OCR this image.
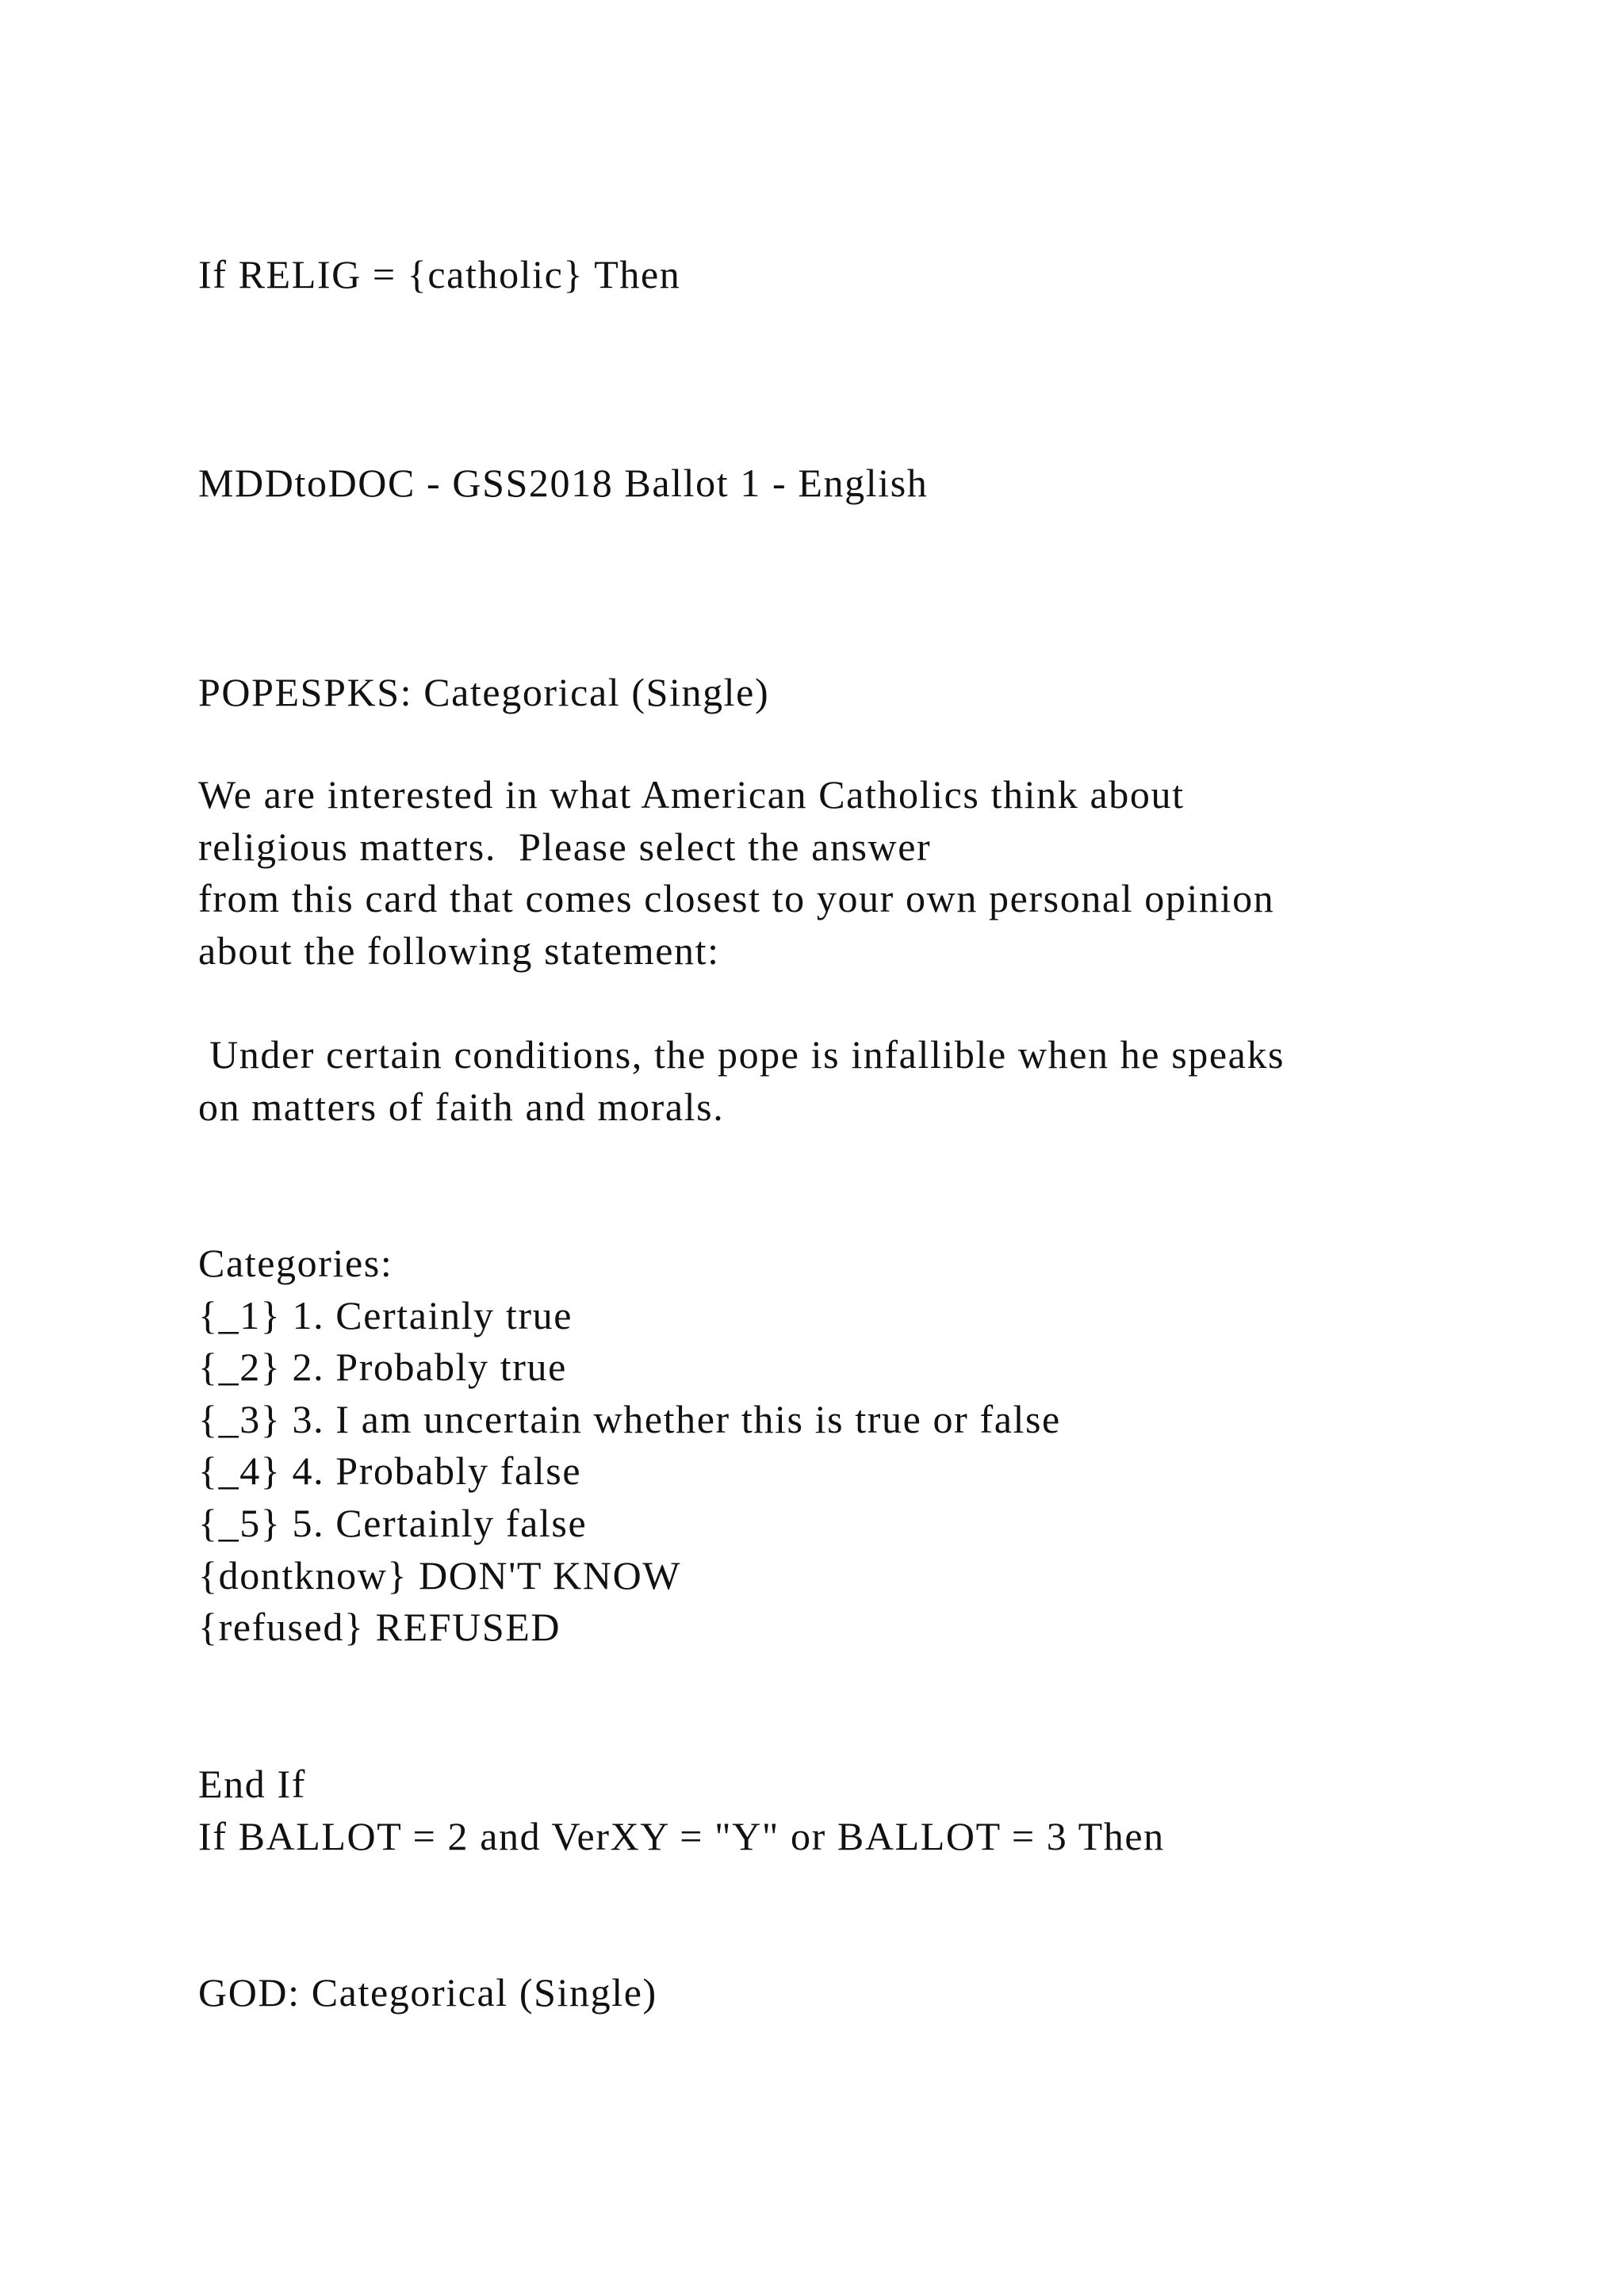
If RELIG = {catholic} Then

MDDtoDOC - GSS2018 Ballot 1 - English

POPESPKS: Categorical (Single)

We are interested in what American Catholics think about
religious matters.  Please select the answer
from this card that comes closest to your own personal opinion
about the following statement:
Under certain conditions, the pope is infallible when he speaks
on matters of faith and morals.
Categories:
{_1} 1. Certainly true
{_2} 2. Probably true
{_3} 3. I am uncertain whether this is true or false
{_4} 4. Probably false
{_5} 5. Certainly false
{dontknow} DON'T KNOW
{refused} REFUSED
End If
If BALLOT = 2 and VerXY = "Y" or BALLOT = 3 Then

GOD: Categorical (Single)
